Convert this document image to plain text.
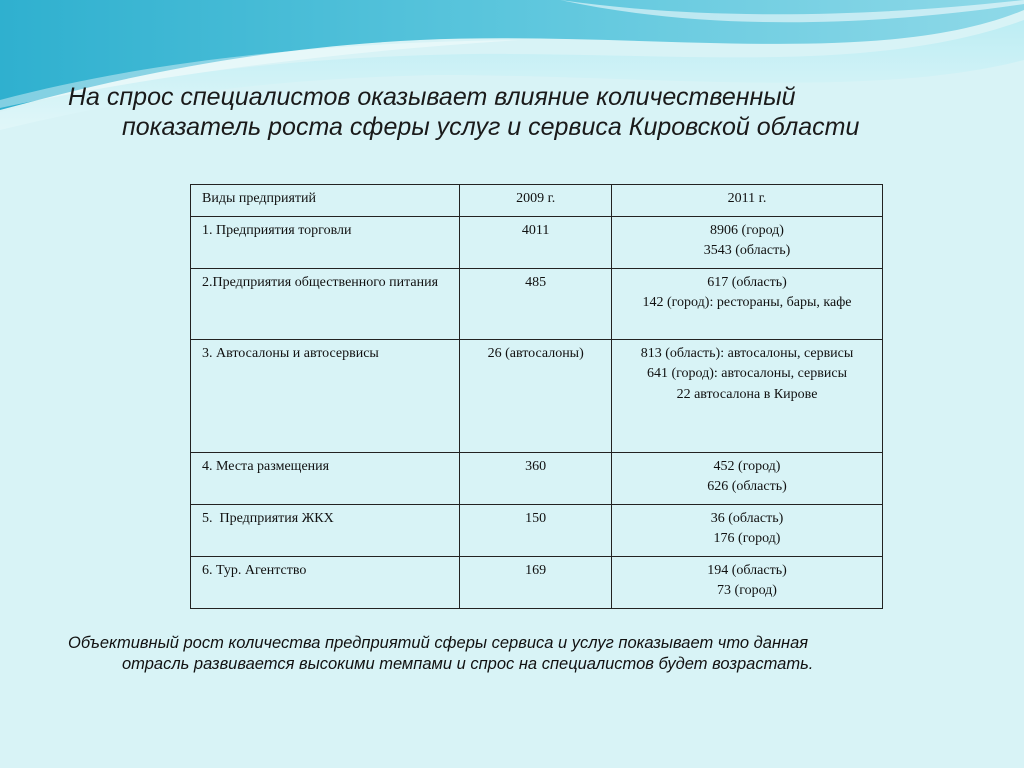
На спрос специалистов оказывает влияние количественный
показатель роста сферы услуг и сервиса Кировской области
Виды предприятий	2009 г.	2011 г.
1. Предприятия торговли	4011	8906 (город)
3543 (область)

2.Предприятия общественного питания	485	617 (область)
142 (город): рестораны, бары, кафе

3. Автосалоны и автосервисы	26 (автосалоны)	813 (область): автосалоны, сервисы
641 (город): автосалоны, сервисы
22 автосалона в Кирове

4. Места размещения	360	452 (город)
626 (область)

5.  Предприятия ЖКХ	150	36 (область)
176 (город)

6. Тур. Агентство	169	194 (область)
73 (город)

Объективный рост количества предприятий сферы сервиса и услуг показывает что данная
отрасль развивается высокими темпами и спрос на специалистов будет возрастать.
